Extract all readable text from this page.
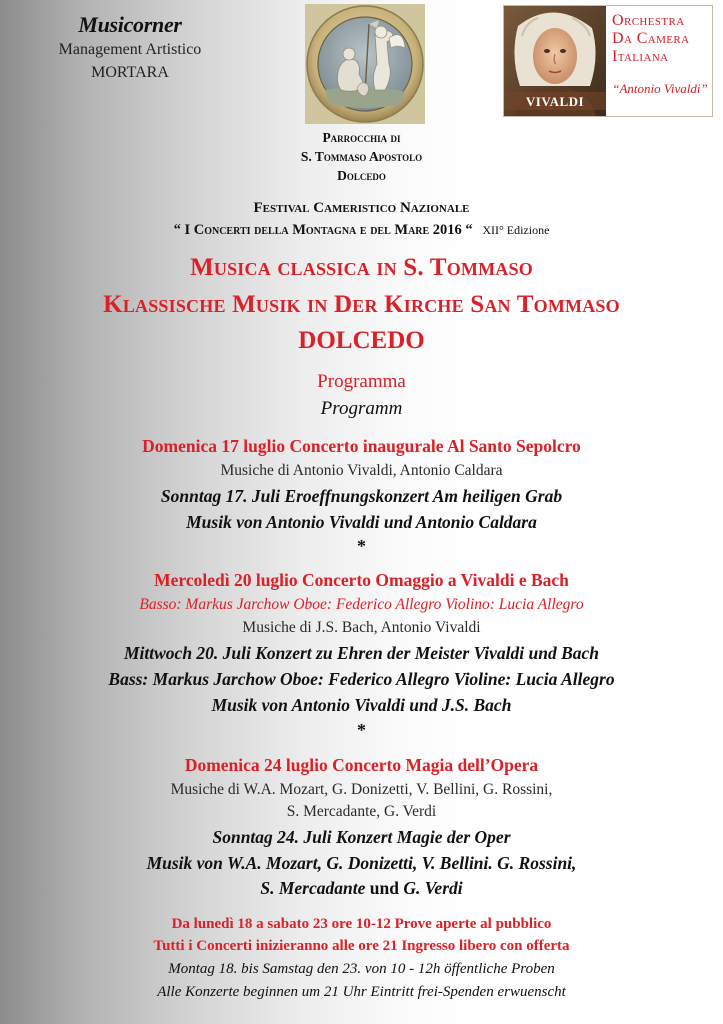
Musicorner
Management Artistico
MORTARA
VIVALDI
Orchestra
Da Camera
Italiana
“Antonio Vivaldi”
Parrocchia di
S. Tommaso Apostolo
Dolcedo
Festival Cameristico Nazionale
“ I Concerti della Montagna e del Mare 2016 “ XII° Edizione
Musica classica in S. Tommaso
Klassische Musik in Der Kirche San Tommaso
DOLCEDO
Programma
Programm
Domenica 17 luglio Concerto inaugurale Al Santo Sepolcro
Musiche di Antonio Vivaldi, Antonio Caldara
Sonntag 17. Juli Eroeffnungskonzert Am heiligen Grab
Musik von Antonio Vivaldi und Antonio Caldara
*
Mercoledì 20 luglio Concerto Omaggio a Vivaldi e Bach
Basso: Markus Jarchow Oboe: Federico Allegro Violino: Lucia Allegro
Musiche di J.S. Bach, Antonio Vivaldi
Mittwoch 20. Juli Konzert zu Ehren der Meister Vivaldi und Bach
Bass: Markus Jarchow Oboe: Federico Allegro Violine: Lucia Allegro
Musik von Antonio Vivaldi und J.S. Bach
*
Domenica 24 luglio Concerto Magia dell’Opera
Musiche di W.A. Mozart, G. Donizetti, V. Bellini, G. Rossini,
S. Mercadante, G. Verdi
Sonntag 24. Juli Konzert Magie der Oper
Musik von W.A. Mozart, G. Donizetti, V. Bellini. G. Rossini,
S. Mercadante und G. Verdi
Da lunedì 18 a sabato 23 ore 10-12 Prove aperte al pubblico
Tutti i Concerti inizieranno alle ore 21 Ingresso libero con offerta
Montag 18. bis Samstag den 23. von 10 - 12h öffentliche Proben
Alle Konzerte beginnen um 21 Uhr Eintritt frei-Spenden erwuenscht
